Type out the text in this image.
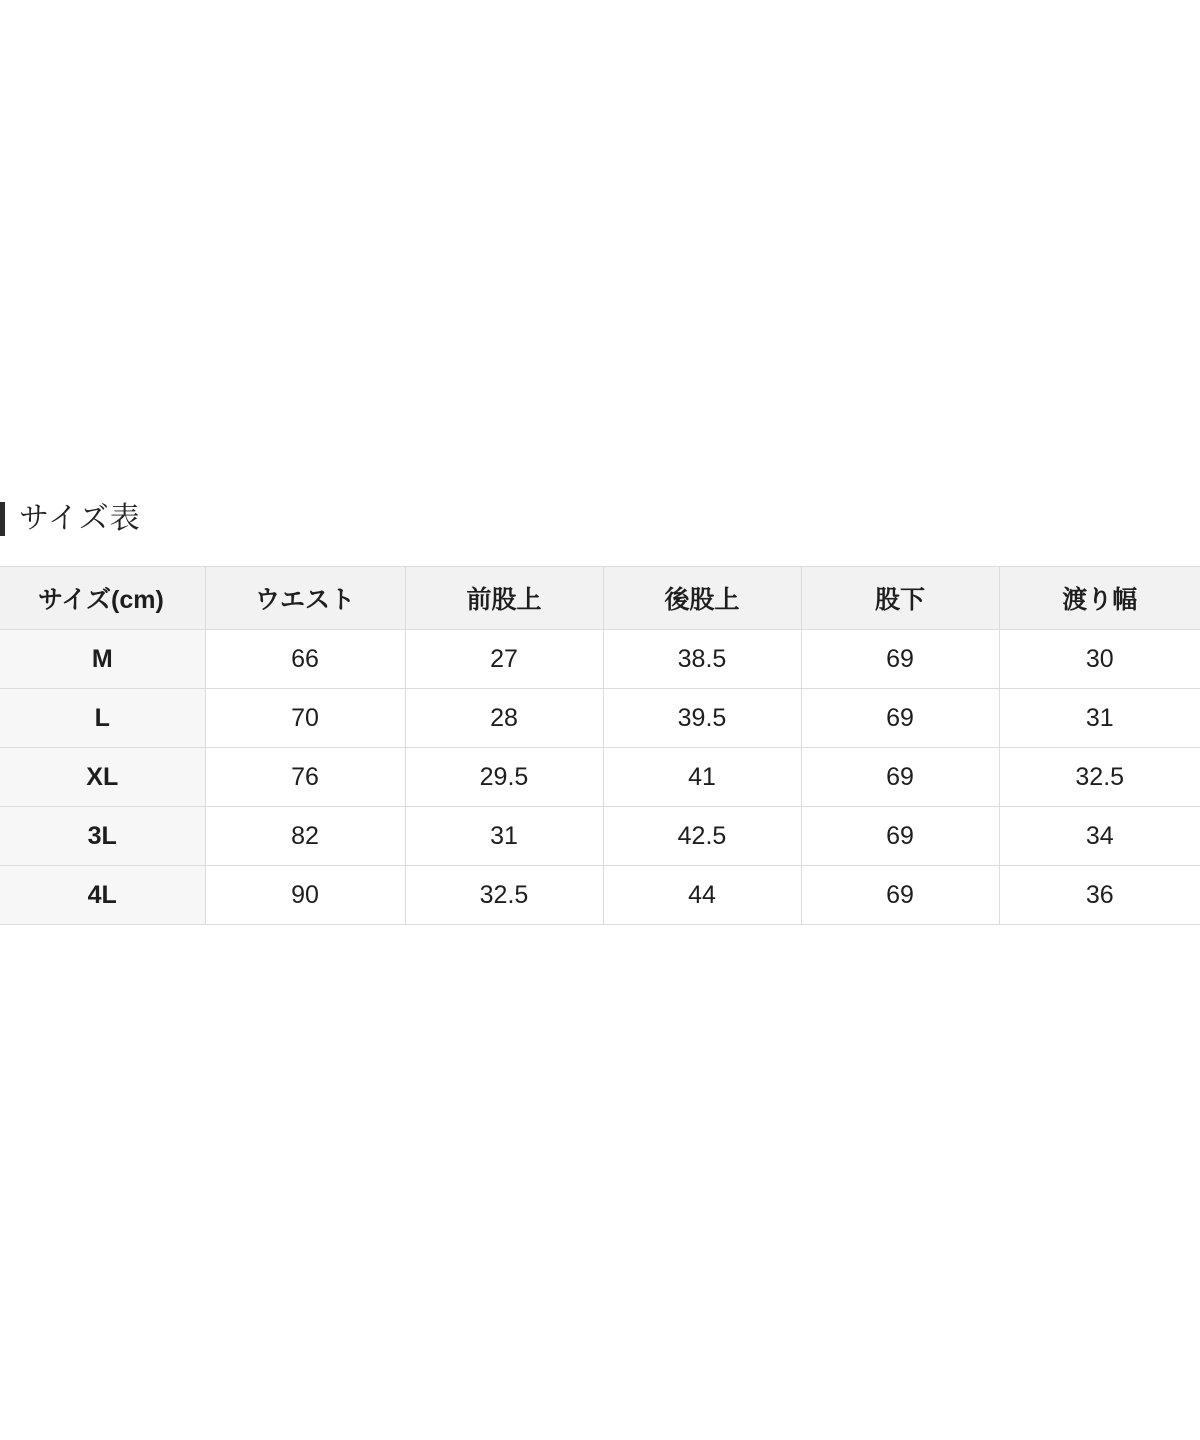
サイズ表
サイズ(cm)	ウエスト	前股上	後股上	股下	渡り幅
M	66	27	38.5	69	30
L	70	28	39.5	69	31
XL	76	29.5	41	69	32.5
3L	82	31	42.5	69	34
4L	90	32.5	44	69	36
